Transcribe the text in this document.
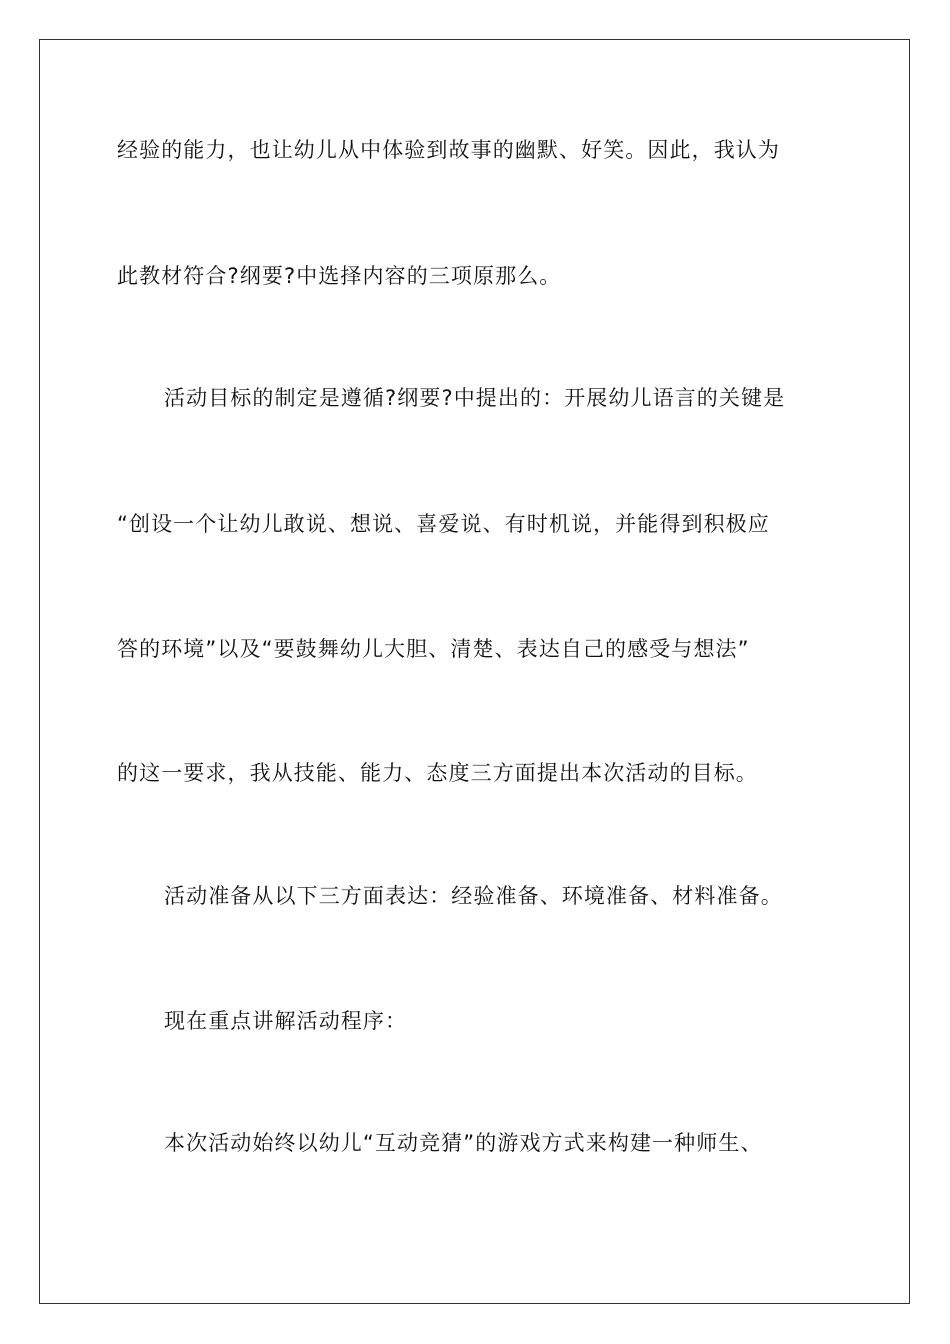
经验的能力，也让幼儿从中体验到故事的幽默、好笑。因此，我认为
此教材符合?纲要?中选择内容的三项原那么。
活动目标的制定是遵循?纲要?中提出的：开展幼儿语言的关键是
“创设一个让幼儿敢说、想说、喜爱说、有时机说，并能得到积极应
答的环境”以及“要鼓舞幼儿大胆、清楚、表达自己的感受与想法”
的这一要求，我从技能、能力、态度三方面提出本次活动的目标。
活动准备从以下三方面表达：经验准备、环境准备、材料准备。
现在重点讲解活动程序：
本次活动始终以幼儿“互动竞猜”的游戏方式来构建一种师生、
